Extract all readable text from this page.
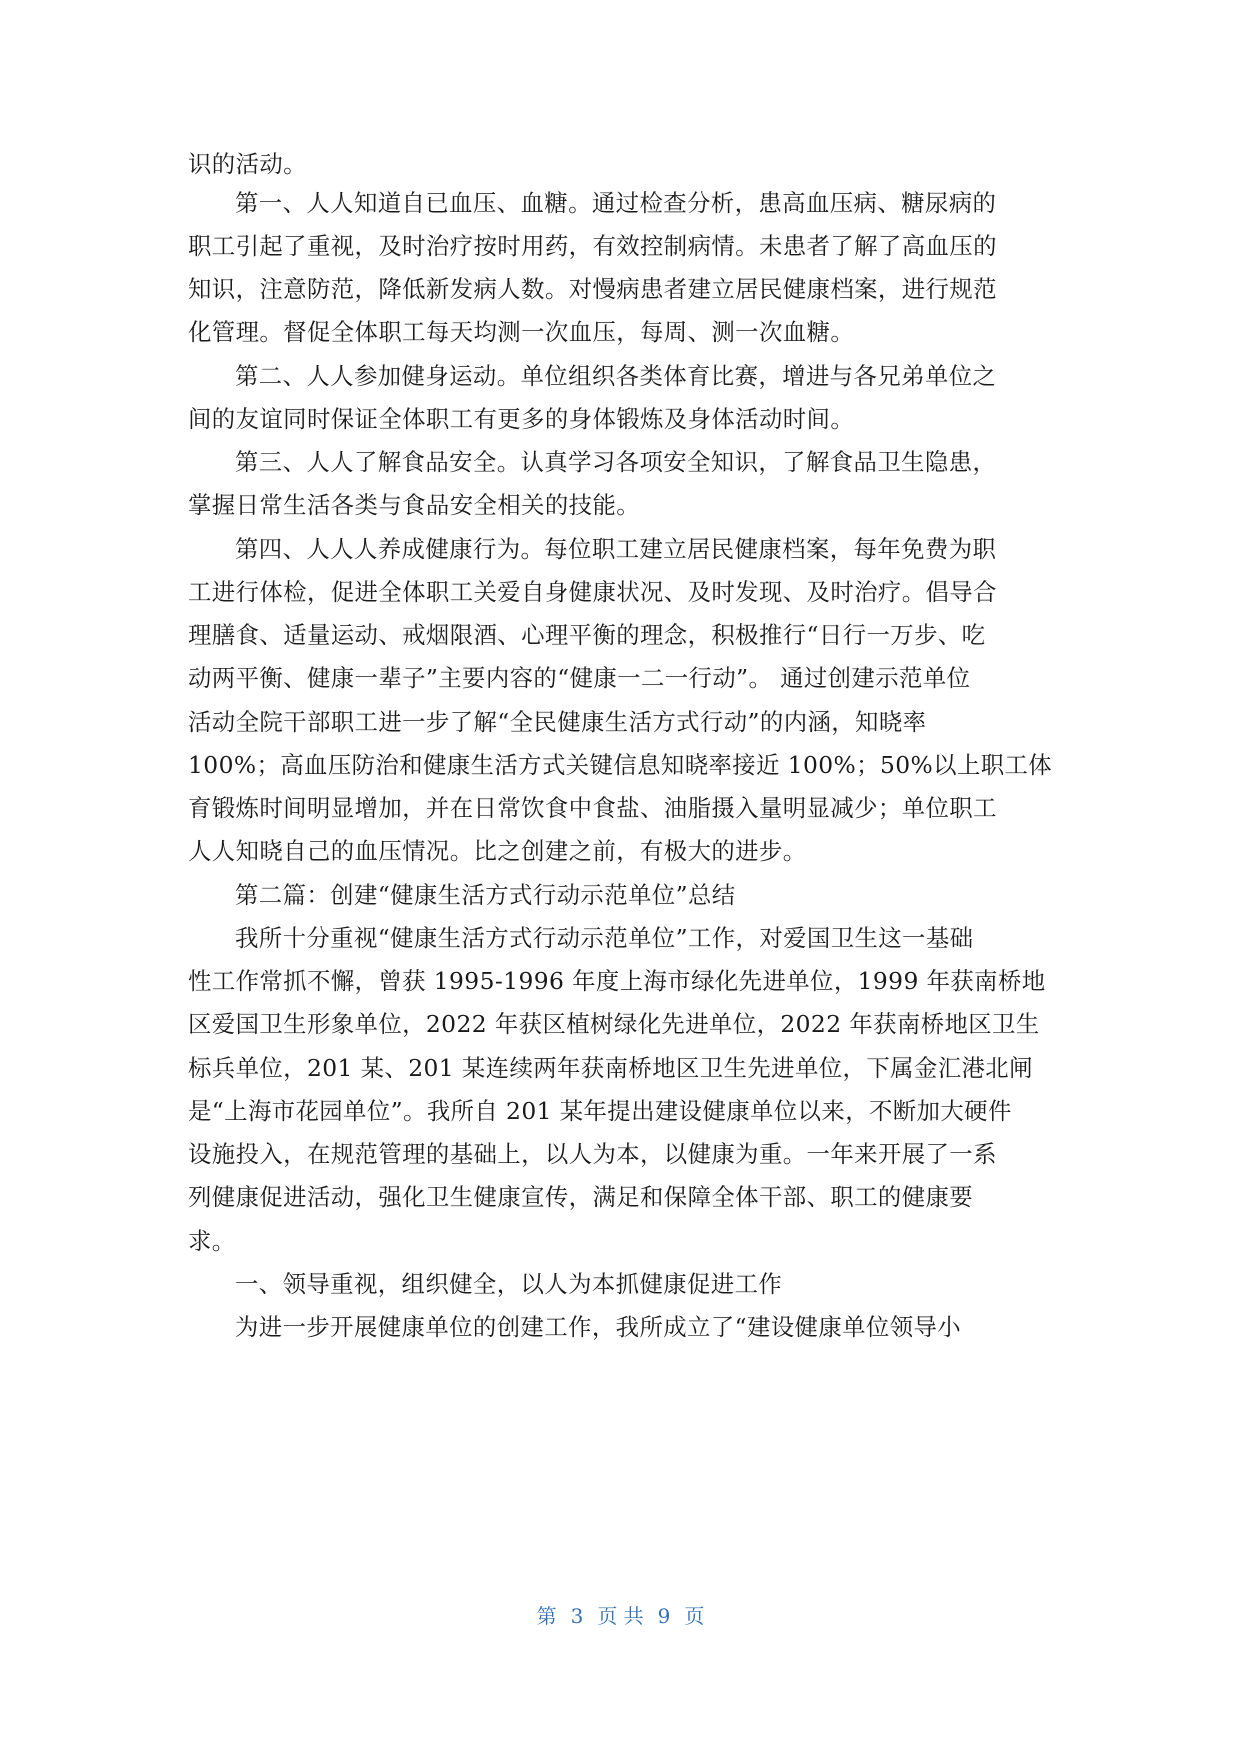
识的活动。
第一、人人知道自已血压、血糖。通过检查分析，患高血压病、糖尿病的
职工引起了重视，及时治疗按时用药，有效控制病情。未患者了解了高血压的
知识，注意防范，降低新发病人数。对慢病患者建立居民健康档案，进行规范
化管理。督促全体职工每天均测一次血压，每周、测一次血糖。
第二、人人参加健身运动。单位组织各类体育比赛，增进与各兄弟单位之
间的友谊同时保证全体职工有更多的身体锻炼及身体活动时间。
第三、人人了解食品安全。认真学习各项安全知识，了解食品卫生隐患，
掌握日常生活各类与食品安全相关的技能。
第四、人人人养成健康行为。每位职工建立居民健康档案，每年免费为职
工进行体检，促进全体职工关爱自身健康状况、及时发现、及时治疗。倡导合
理膳食、适量运动、戒烟限酒、心理平衡的理念，积极推行“日行一万步、吃
动两平衡、健康一辈子”主要内容的“健康一二一行动”。 通过创建示范单位
活动全院干部职工进一步了解“全民健康生活方式行动”的内涵，知晓率
100%；高血压防治和健康生活方式关键信息知晓率接近 100%；50%以上职工体
育锻炼时间明显增加，并在日常饮食中食盐、油脂摄入量明显减少；单位职工
人人知晓自己的血压情况。比之创建之前，有极大的进步。
第二篇：创建“健康生活方式行动示范单位”总结
我所十分重视“健康生活方式行动示范单位”工作，对爱国卫生这一基础
性工作常抓不懈，曾获 1995-1996 年度上海市绿化先进单位，1999 年获南桥地
区爱国卫生形象单位，2022 年获区植树绿化先进单位，2022 年获南桥地区卫生
标兵单位，201 某、201 某连续两年获南桥地区卫生先进单位，下属金汇港北闸
是“上海市花园单位”。我所自 201 某年提出建设健康单位以来，不断加大硬件
设施投入，在规范管理的基础上，以人为本，以健康为重。一年来开展了一系
列健康促进活动，强化卫生健康宣传，满足和保障全体干部、职工的健康要
求。
一、领导重视，组织健全，以人为本抓健康促进工作
为进一步开展健康单位的创建工作，我所成立了“建设健康单位领导小
第 3 页 共 9 页
